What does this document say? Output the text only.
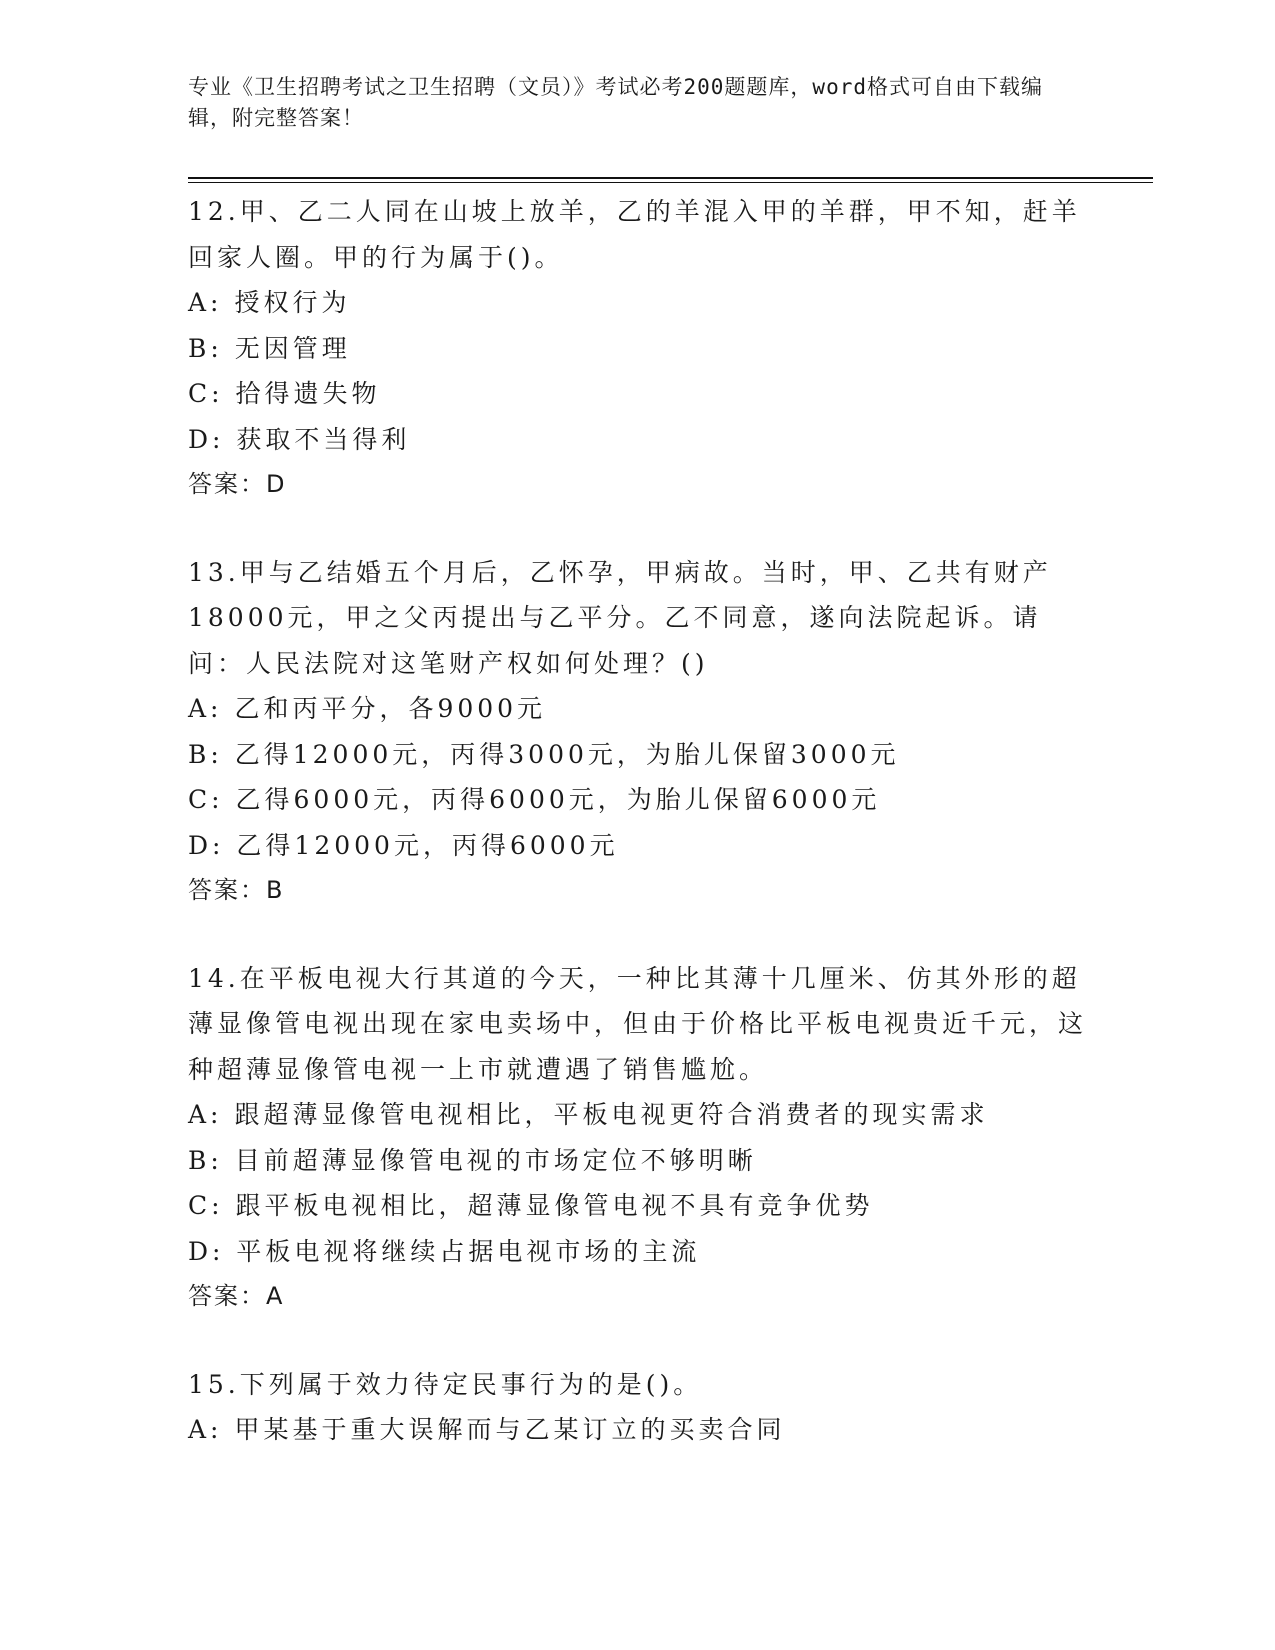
专业《卫生招聘考试之卫生招聘（文员）》考试必考200题题库，word格式可自由下载编辑，附完整答案！

12.甲、乙二人同在山坡上放羊，乙的羊混入甲的羊群，甲不知，赶羊回家人圈。甲的行为属于()。

A: 授权行为

B: 无因管理

C: 拾得遗失物

D: 获取不当得利

答案：D

13.甲与乙结婚五个月后，乙怀孕，甲病故。当时，甲、乙共有财产18000元，甲之父丙提出与乙平分。乙不同意，遂向法院起诉。请问：人民法院对这笔财产权如何处理？()

A: 乙和丙平分，各9000元

B: 乙得12000元，丙得3000元，为胎儿保留3000元

C: 乙得6000元，丙得6000元，为胎儿保留6000元

D: 乙得12000元，丙得6000元

答案：B

14.在平板电视大行其道的今天，一种比其薄十几厘米、仿其外形的超薄显像管电视出现在家电卖场中，但由于价格比平板电视贵近千元，这种超薄显像管电视一上市就遭遇了销售尴尬。

A: 跟超薄显像管电视相比，平板电视更符合消费者的现实需求

B: 目前超薄显像管电视的市场定位不够明晰

C: 跟平板电视相比，超薄显像管电视不具有竞争优势

D: 平板电视将继续占据电视市场的主流

答案：A

15.下列属于效力待定民事行为的是()。

A: 甲某基于重大误解而与乙某订立的买卖合同
